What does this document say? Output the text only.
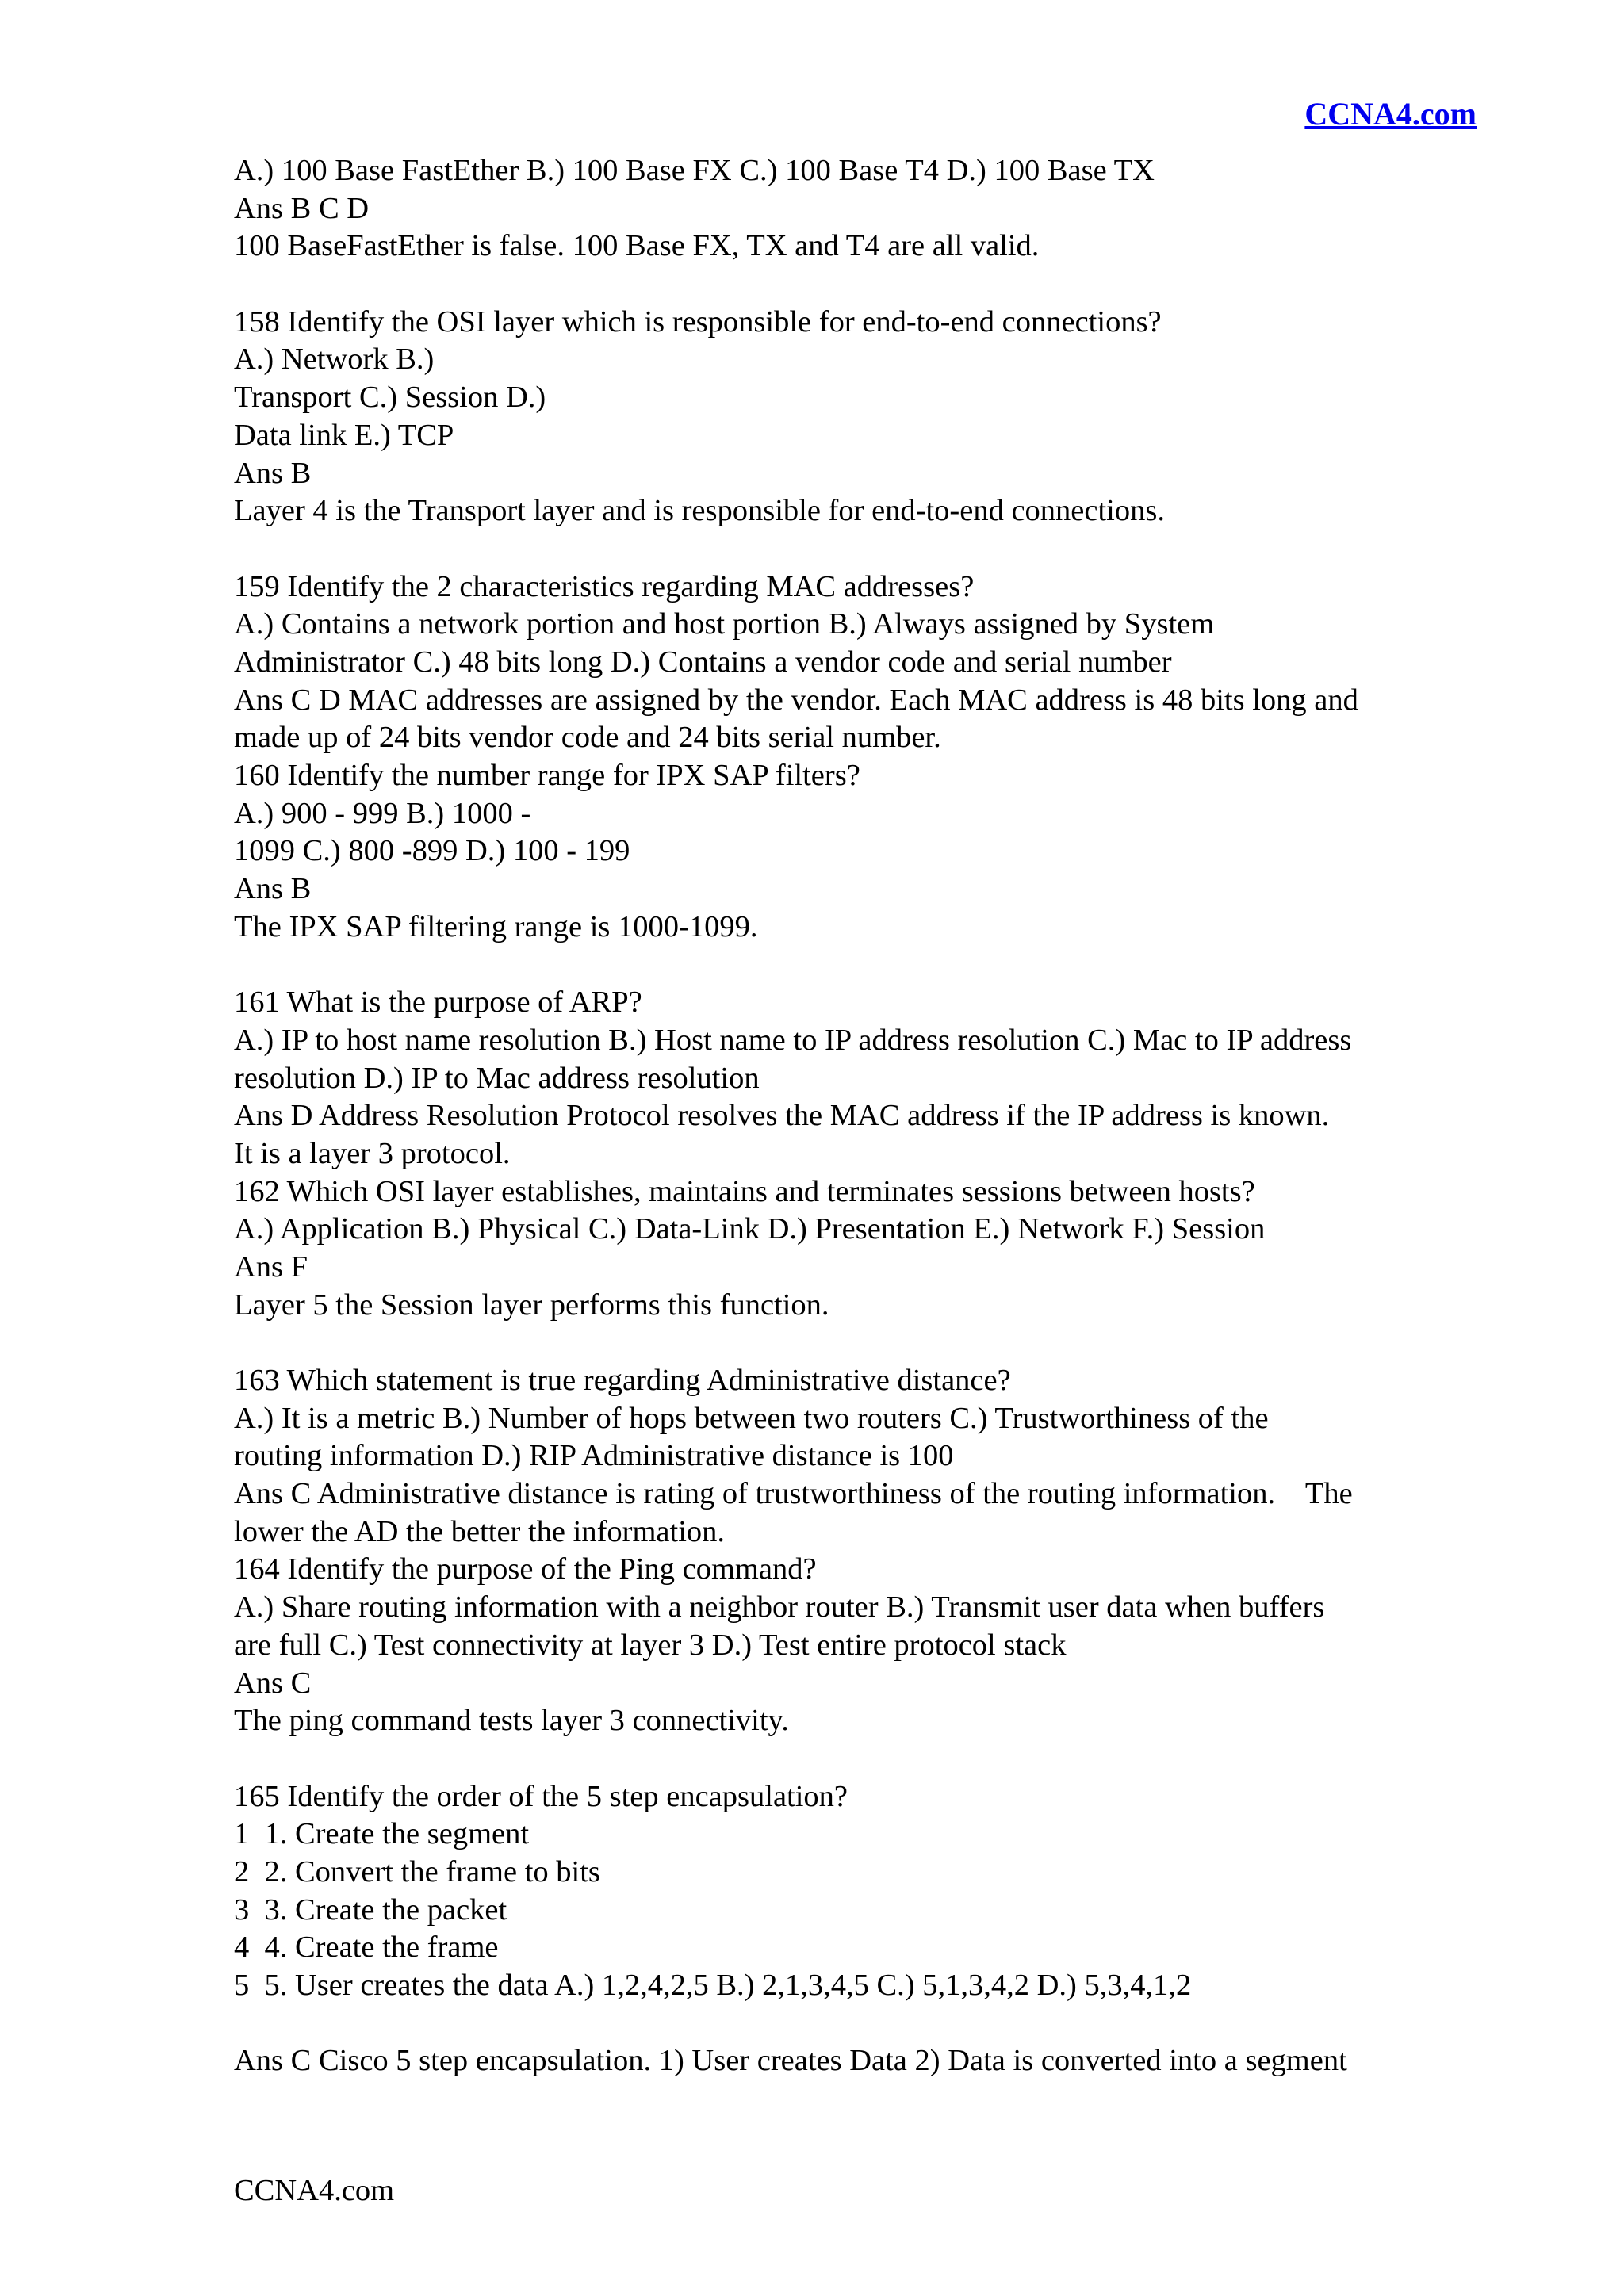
CCNA4.com
A.) 100 Base FastEther B.) 100 Base FX C.) 100 Base T4 D.) 100 Base TX
Ans B C D
100 BaseFastEther is false. 100 Base FX, TX and T4 are all valid.
158 Identify the OSI layer which is responsible for end-to-end connections?
A.) Network B.)
Transport C.) Session D.)
Data link E.) TCP
Ans B
Layer 4 is the Transport layer and is responsible for end-to-end connections.
159 Identify the 2 characteristics regarding MAC addresses?
A.) Contains a network portion and host portion B.) Always assigned by System
Administrator C.) 48 bits long D.) Contains a vendor code and serial number
Ans C D MAC addresses are assigned by the vendor. Each MAC address is 48 bits long and
made up of 24 bits vendor code and 24 bits serial number.
160 Identify the number range for IPX SAP filters?
A.) 900 - 999 B.) 1000 -
1099 C.) 800 -899 D.) 100 - 199
Ans B
The IPX SAP filtering range is 1000-1099.
161 What is the purpose of ARP?
A.) IP to host name resolution B.) Host name to IP address resolution C.) Mac to IP address
resolution D.) IP to Mac address resolution
Ans D Address Resolution Protocol resolves the MAC address if the IP address is known.
It is a layer 3 protocol.
162 Which OSI layer establishes, maintains and terminates sessions between hosts?
A.) Application B.) Physical C.) Data-Link D.) Presentation E.) Network F.) Session
Ans F
Layer 5 the Session layer performs this function.
163 Which statement is true regarding Administrative distance?
A.) It is a metric B.) Number of hops between two routers C.) Trustworthiness of the
routing information D.) RIP Administrative distance is 100
Ans C Administrative distance is rating of trustworthiness of the routing information.    The
lower the AD the better the information.
164 Identify the purpose of the Ping command?
A.) Share routing information with a neighbor router B.) Transmit user data when buffers
are full C.) Test connectivity at layer 3 D.) Test entire protocol stack
Ans C
The ping command tests layer 3 connectivity.
165 Identify the order of the 5 step encapsulation?
1  1. Create the segment
2  2. Convert the frame to bits
3  3. Create the packet
4  4. Create the frame
5  5. User creates the data A.) 1,2,4,2,5 B.) 2,1,3,4,5 C.) 5,1,3,4,2 D.) 5,3,4,1,2
Ans C Cisco 5 step encapsulation. 1) User creates Data 2) Data is converted into a segment
CCNA4.com
